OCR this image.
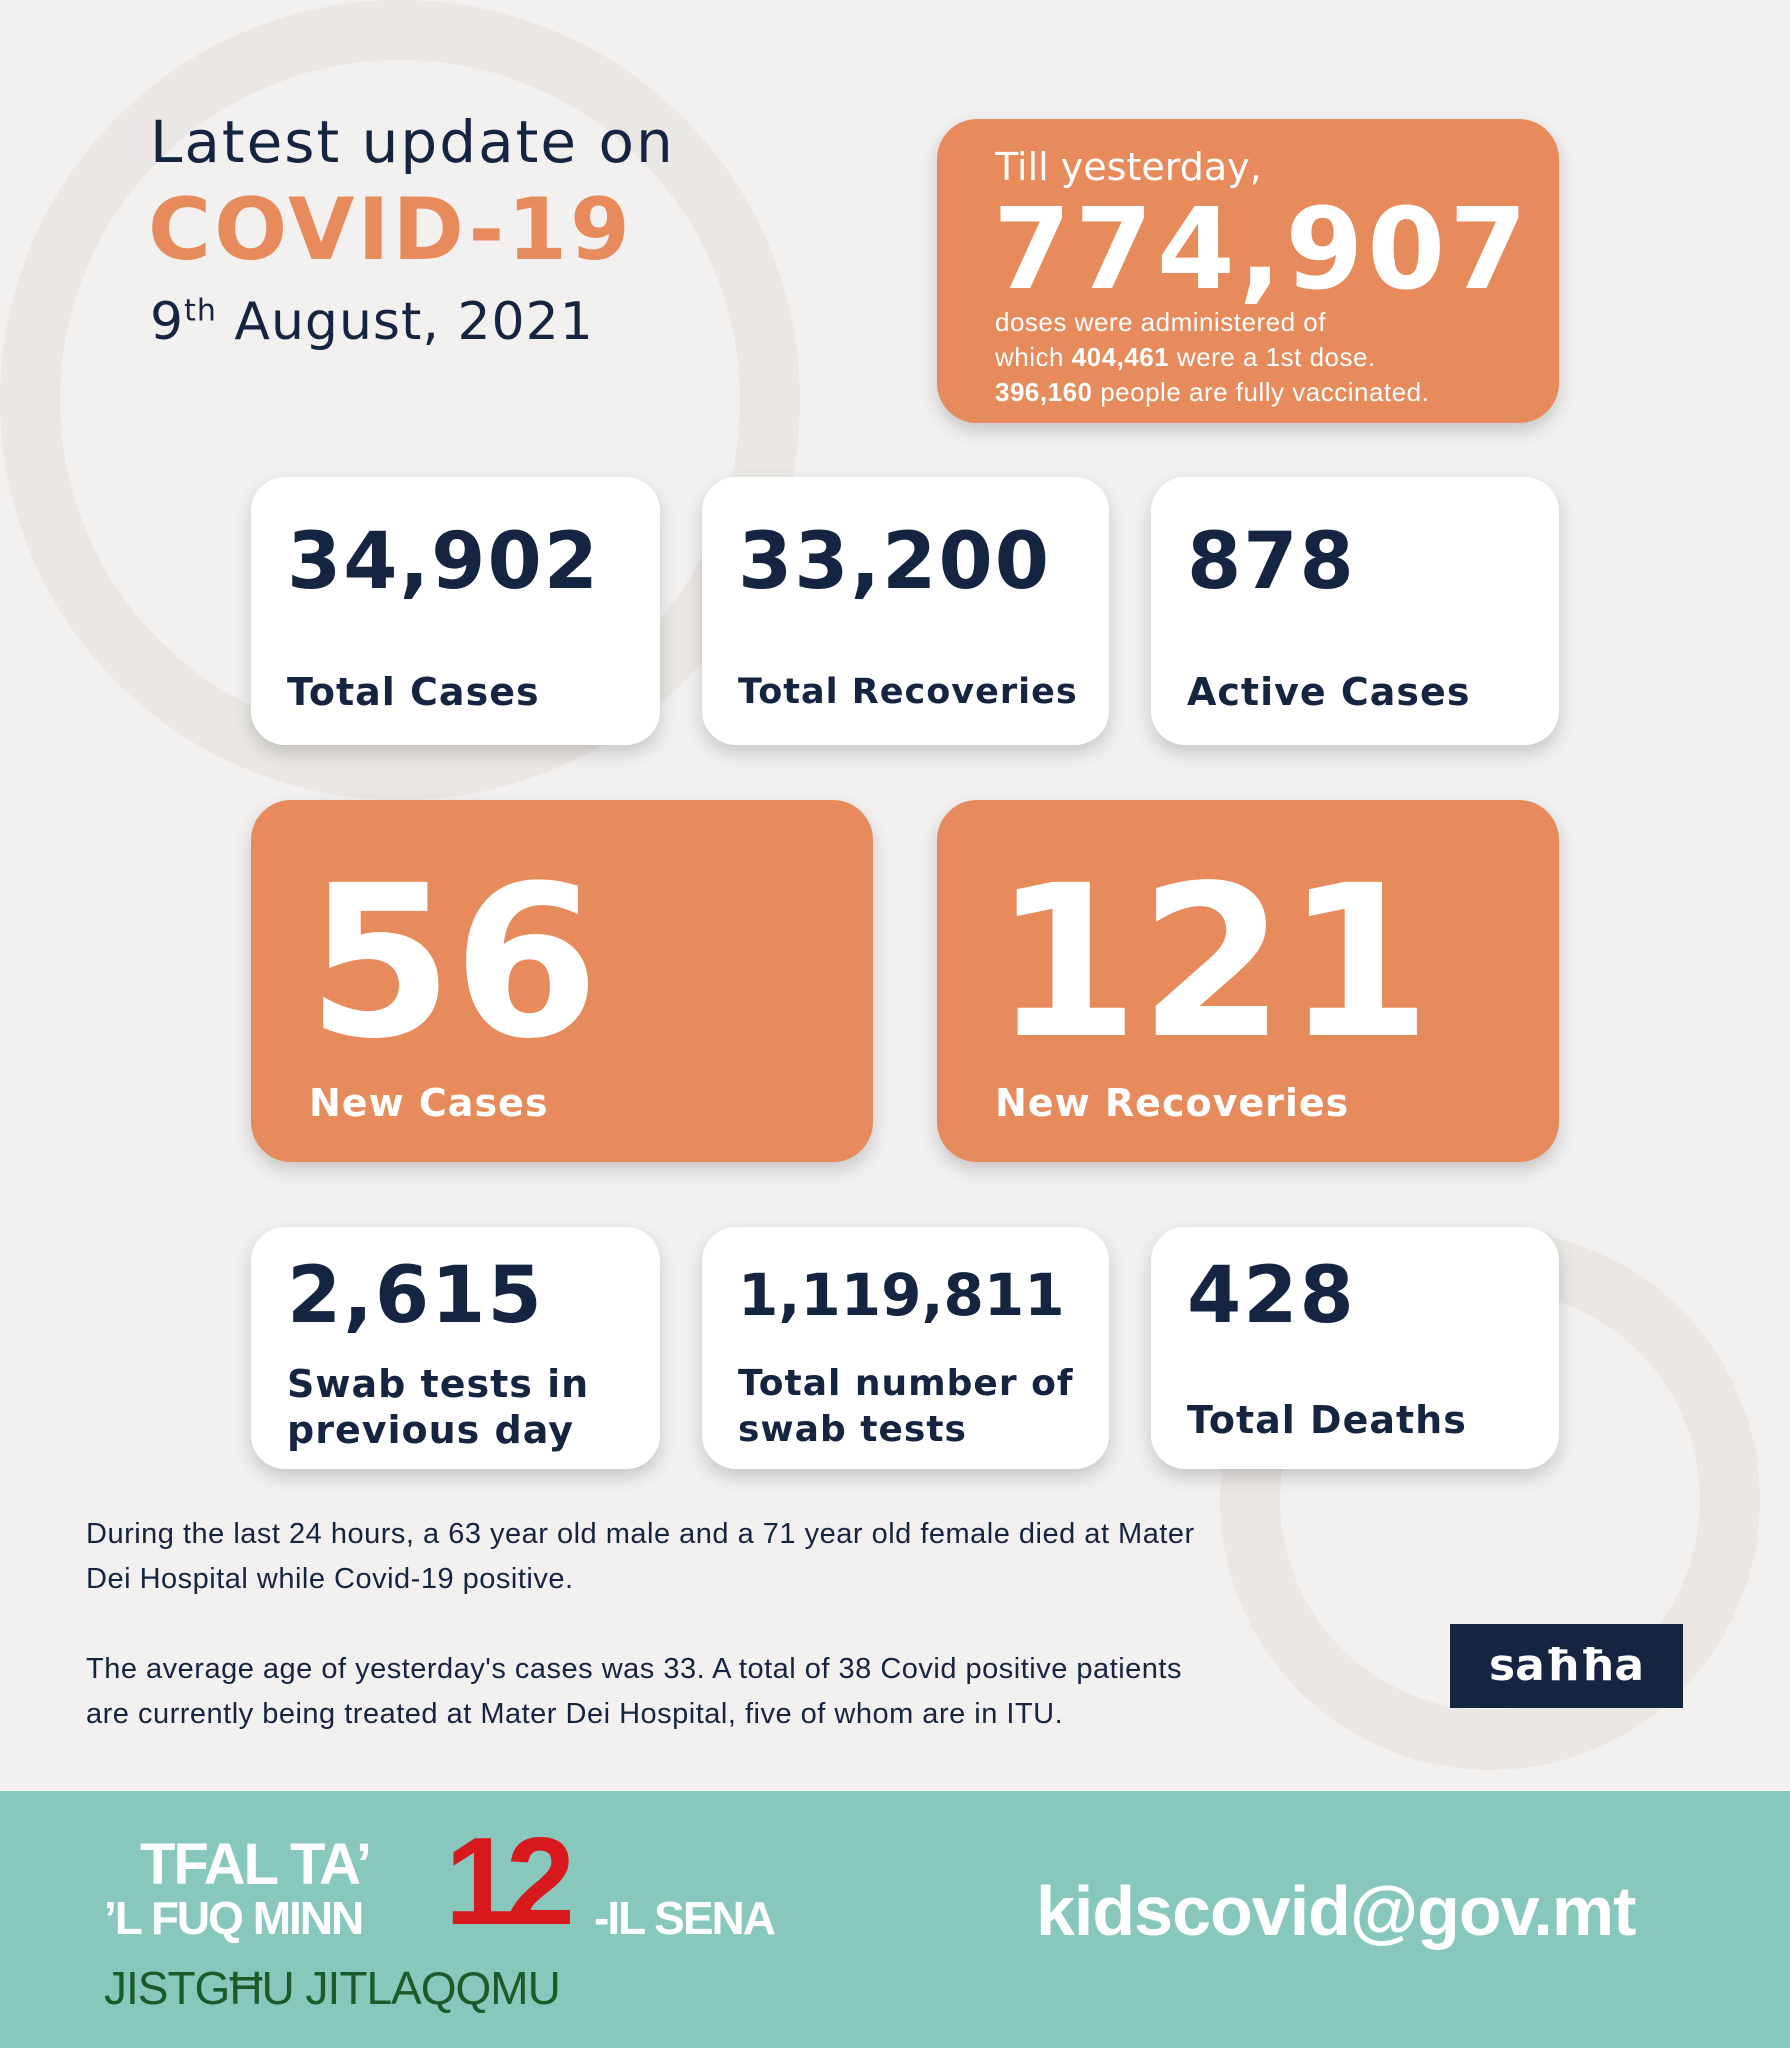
Latest update on
COVID-19
9th August, 2021
Till yesterday,
774,907
doses were administered of
which 404,461 were a 1st dose.
396,160 people are fully vaccinated.
34,902
Total Cases
33,200
Total Recoveries
878
Active Cases
56
New Cases
121
New Recoveries
2,615
Swab tests in
previous day
1,119,811
Total number of
swab tests
428
Total Deaths
During the last 24 hours, a 63 year old male and a 71 year old female died at Mater
Dei Hospital while Covid-19 positive.
The average age of yesterday's cases was 33. A total of 38 Covid positive patients
are currently being treated at Mater Dei Hospital, five of whom are in ITU.
saħħa
TFAL TA’
’L FUQ MINN 12 -IL SENA
JISTGĦU JITLAQQMU
kidscovid@gov.mt
